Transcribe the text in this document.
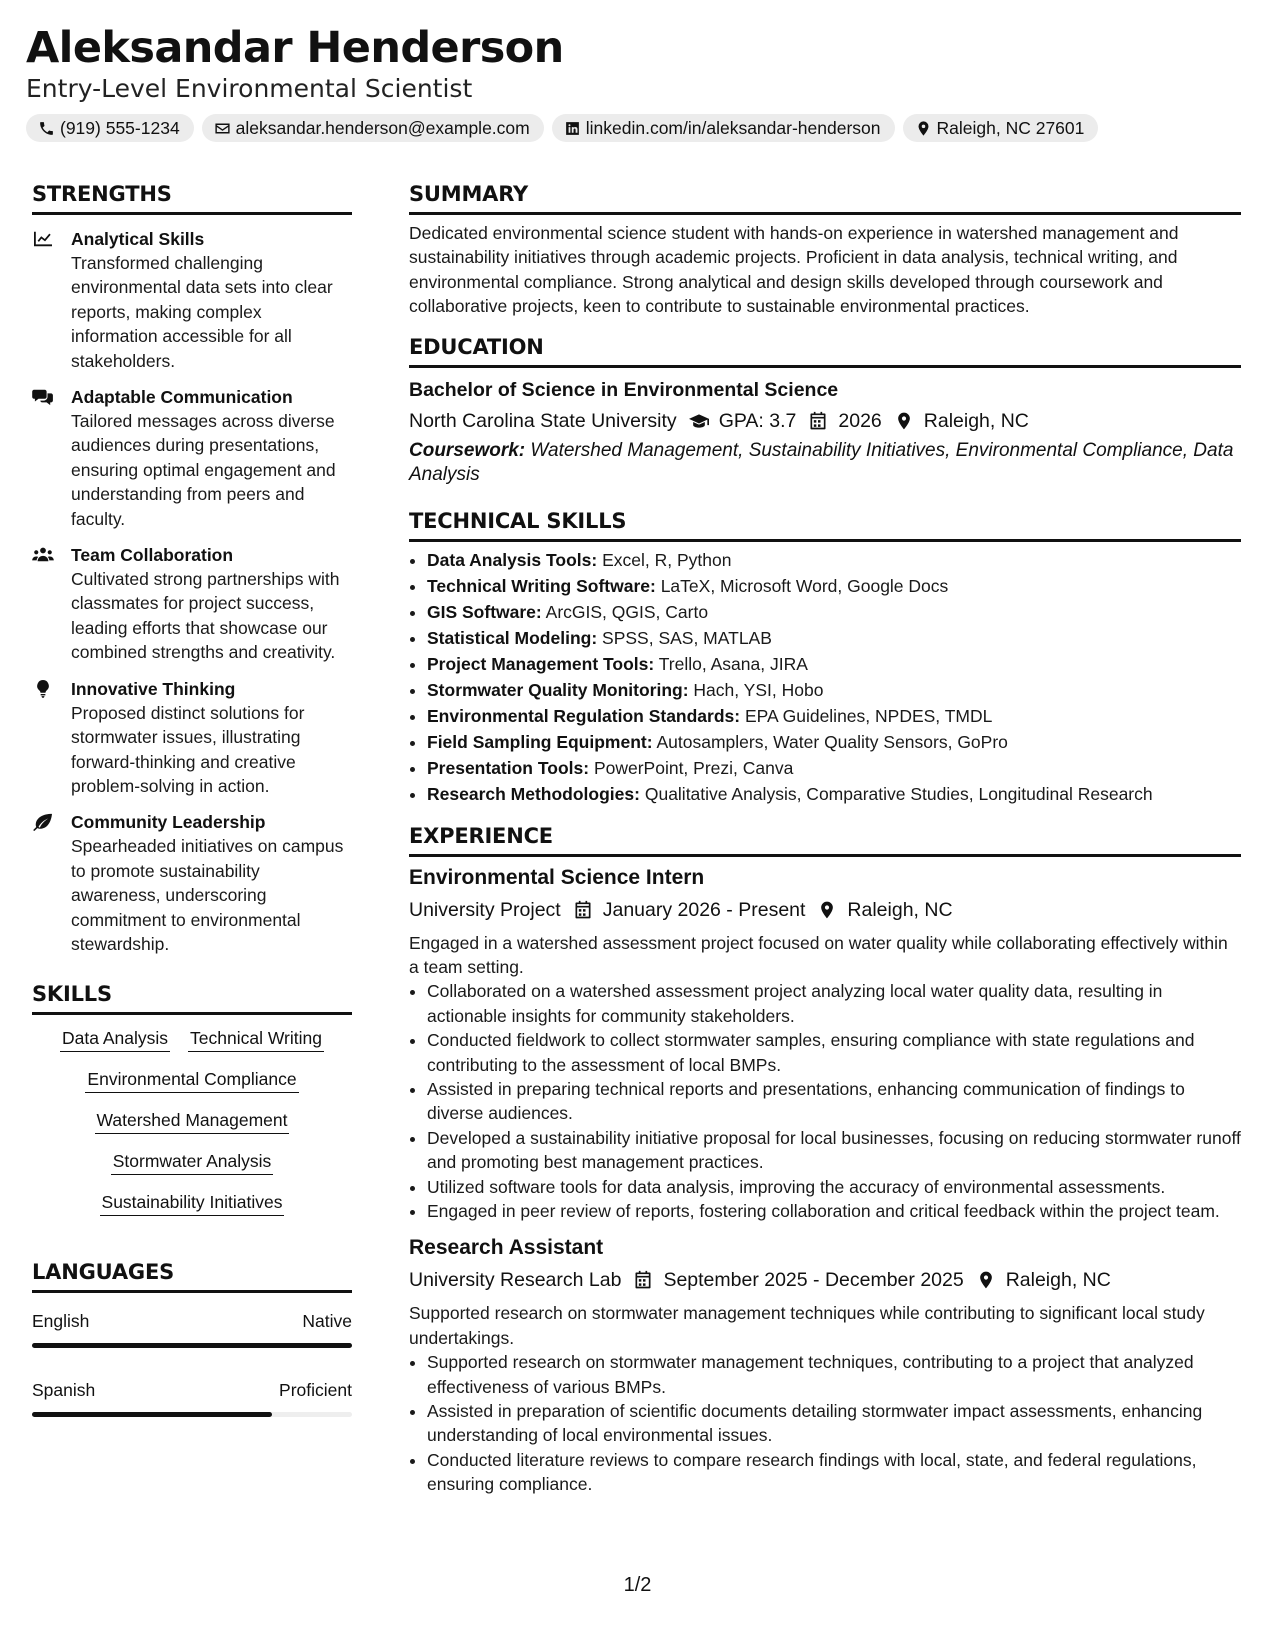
Aleksandar Henderson
Entry-Level Environmental Scientist
(919) 555-1234	aleksandar.henderson@example.com	linkedin.com/in/aleksandar-henderson	Raleigh, NC 27601
STRENGTHS
Analytical Skills
Transformed challenging environmental data sets into clear reports, making complex information accessible for all stakeholders.
Adaptable Communication
Tailored messages across diverse audiences during presentations, ensuring optimal engagement and understanding from peers and faculty.
Team Collaboration
Cultivated strong partnerships with classmates for project success, leading efforts that showcase our combined strengths and creativity.
Innovative Thinking
Proposed distinct solutions for stormwater issues, illustrating forward-thinking and creative problem-solving in action.
Community Leadership
Spearheaded initiatives on campus to promote sustainability awareness, underscoring commitment to environmental stewardship.
SKILLS
Data Analysis Technical Writing
Environmental Compliance
Watershed Management
Stormwater Analysis
Sustainability Initiatives
LANGUAGES
English	Native
Spanish	Proficient
SUMMARY

Dedicated environmental science student with hands-on experience in watershed management and sustainability initiatives through academic projects. Proficient in data analysis, technical writing, and environmental compliance. Strong analytical and design skills developed through coursework and collaborative projects, keen to contribute to sustainable environmental practices.

EDUCATION
Bachelor of Science in Environmental Science
North Carolina State University GPA: 3.7 2026 Raleigh, NC
Coursework: Watershed Management, Sustainability Initiatives, Environmental Compliance, Data Analysis
TECHNICAL SKILLS
• Data Analysis Tools: Excel, R, Python
• Technical Writing Software: LaTeX, Microsoft Word, Google Docs
• GIS Software: ArcGIS, QGIS, Carto
• Statistical Modeling: SPSS, SAS, MATLAB
• Project Management Tools: Trello, Asana, JIRA
• Stormwater Quality Monitoring: Hach, YSI, Hobo
• Environmental Regulation Standards: EPA Guidelines, NPDES, TMDL
• Field Sampling Equipment: Autosamplers, Water Quality Sensors, GoPro
• Presentation Tools: PowerPoint, Prezi, Canva
• Research Methodologies: Qualitative Analysis, Comparative Studies, Longitudinal Research
EXPERIENCE
Environmental Science Intern
University Project January 2026 - Present Raleigh, NC

Engaged in a watershed assessment project focused on water quality while collaborating effectively within a team setting.

• Collaborated on a watershed assessment project analyzing local water quality data, resulting in actionable insights for community stakeholders.
• Conducted fieldwork to collect stormwater samples, ensuring compliance with state regulations and contributing to the assessment of local BMPs.
• Assisted in preparing technical reports and presentations, enhancing communication of findings to diverse audiences.
• Developed a sustainability initiative proposal for local businesses, focusing on reducing stormwater runoff and promoting best management practices.
• Utilized software tools for data analysis, improving the accuracy of environmental assessments.
• Engaged in peer review of reports, fostering collaboration and critical feedback within the project team.
Research Assistant
University Research Lab September 2025 - December 2025 Raleigh, NC

Supported research on stormwater management techniques while contributing to significant local study undertakings.

• Supported research on stormwater management techniques, contributing to a project that analyzed effectiveness of various BMPs.
• Assisted in preparation of scientific documents detailing stormwater impact assessments, enhancing understanding of local environmental issues.
• Conducted literature reviews to compare research findings with local, state, and federal regulations, ensuring compliance.
1/2
